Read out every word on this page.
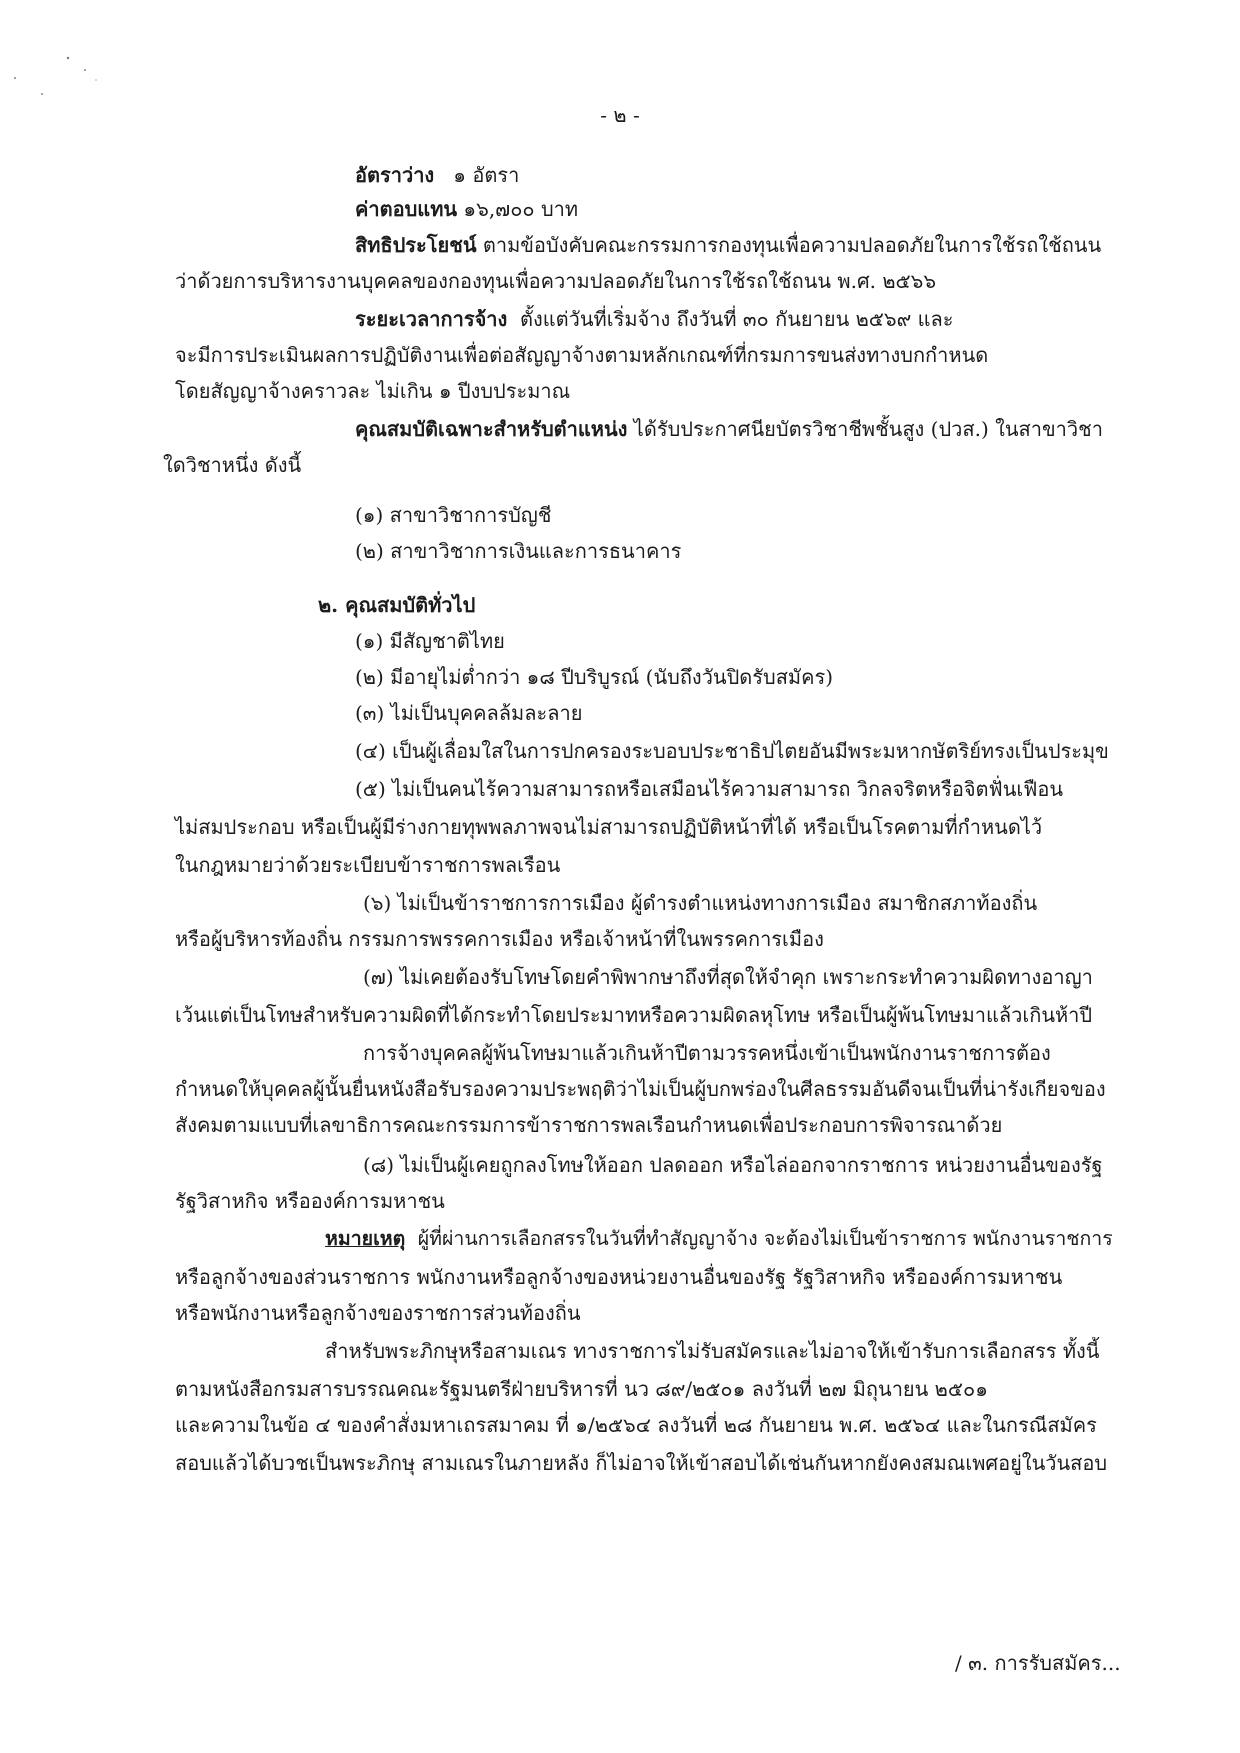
- ๒ -
อัตราว่าง ๑ อัตรา
ค่าตอบแทน ๑๖,๗๐๐ บาท
สิทธิประโยชน์ ตามข้อบังคับคณะกรรมการกองทุนเพื่อความปลอดภัยในการใช้รถใช้ถนน
ว่าด้วยการบริหารงานบุคคลของกองทุนเพื่อความปลอดภัยในการใช้รถใช้ถนน พ.ศ. ๒๕๖๖
ระยะเวลาการจ้าง ตั้งแต่วันที่เริ่มจ้าง ถึงวันที่ ๓๐ กันยายน ๒๕๖๙ และ
จะมีการประเมินผลการปฏิบัติงานเพื่อต่อสัญญาจ้างตามหลักเกณฑ์ที่กรมการขนส่งทางบกกำหนด
โดยสัญญาจ้างคราวละ ไม่เกิน ๑ ปีงบประมาณ
คุณสมบัติเฉพาะสำหรับตำแหน่ง ได้รับประกาศนียบัตรวิชาชีพชั้นสูง (ปวส.) ในสาขาวิชา
ใดวิชาหนึ่ง ดังนี้
(๑) สาขาวิชาการบัญชี
(๒) สาขาวิชาการเงินและการธนาคาร
๒. คุณสมบัติทั่วไป
(๑) มีสัญชาติไทย
(๒) มีอายุไม่ต่ำกว่า ๑๘ ปีบริบูรณ์ (นับถึงวันปิดรับสมัคร)
(๓) ไม่เป็นบุคคลล้มละลาย
(๔) เป็นผู้เลื่อมใสในการปกครองระบอบประชาธิปไตยอันมีพระมหากษัตริย์ทรงเป็นประมุข
(๕) ไม่เป็นคนไร้ความสามารถหรือเสมือนไร้ความสามารถ วิกลจริตหรือจิตฟั่นเฟือน
ไม่สมประกอบ หรือเป็นผู้มีร่างกายทุพพลภาพจนไม่สามารถปฏิบัติหน้าที่ได้ หรือเป็นโรคตามที่กำหนดไว้
ในกฎหมายว่าด้วยระเบียบข้าราชการพลเรือน
(๖) ไม่เป็นข้าราชการการเมือง ผู้ดำรงตำแหน่งทางการเมือง สมาชิกสภาท้องถิ่น
หรือผู้บริหารท้องถิ่น กรรมการพรรคการเมือง หรือเจ้าหน้าที่ในพรรคการเมือง
(๗) ไม่เคยต้องรับโทษโดยคำพิพากษาถึงที่สุดให้จำคุก เพราะกระทำความผิดทางอาญา
เว้นแต่เป็นโทษสำหรับความผิดที่ได้กระทำโดยประมาทหรือความผิดลหุโทษ หรือเป็นผู้พ้นโทษมาแล้วเกินห้าปี
การจ้างบุคคลผู้พ้นโทษมาแล้วเกินห้าปีตามวรรคหนึ่งเข้าเป็นพนักงานราชการต้อง
กำหนดให้บุคคลผู้นั้นยื่นหนังสือรับรองความประพฤติว่าไม่เป็นผู้บกพร่องในศีลธรรมอันดีจนเป็นที่น่ารังเกียจของ
สังคมตามแบบที่เลขาธิการคณะกรรมการข้าราชการพลเรือนกำหนดเพื่อประกอบการพิจารณาด้วย
(๘) ไม่เป็นผู้เคยถูกลงโทษให้ออก ปลดออก หรือไล่ออกจากราชการ หน่วยงานอื่นของรัฐ
รัฐวิสาหกิจ หรือองค์การมหาชน
หมายเหตุ ผู้ที่ผ่านการเลือกสรรในวันที่ทำสัญญาจ้าง จะต้องไม่เป็นข้าราชการ พนักงานราชการ
หรือลูกจ้างของส่วนราชการ พนักงานหรือลูกจ้างของหน่วยงานอื่นของรัฐ รัฐวิสาหกิจ หรือองค์การมหาชน
หรือพนักงานหรือลูกจ้างของราชการส่วนท้องถิ่น
สำหรับพระภิกษุหรือสามเณร ทางราชการไม่รับสมัครและไม่อาจให้เข้ารับการเลือกสรร ทั้งนี้
ตามหนังสือกรมสารบรรณคณะรัฐมนตรีฝ่ายบริหารที่ นว ๘๙/๒๕๐๑ ลงวันที่ ๒๗ มิถุนายน ๒๕๐๑
และความในข้อ ๔ ของคำสั่งมหาเถรสมาคม ที่ ๑/๒๕๖๔ ลงวันที่ ๒๘ กันยายน พ.ศ. ๒๕๖๔ และในกรณีสมัคร
สอบแล้วได้บวชเป็นพระภิกษุ สามเณรในภายหลัง ก็ไม่อาจให้เข้าสอบได้เช่นกันหากยังคงสมณเพศอยู่ในวันสอบ
/ ๓. การรับสมัคร...
